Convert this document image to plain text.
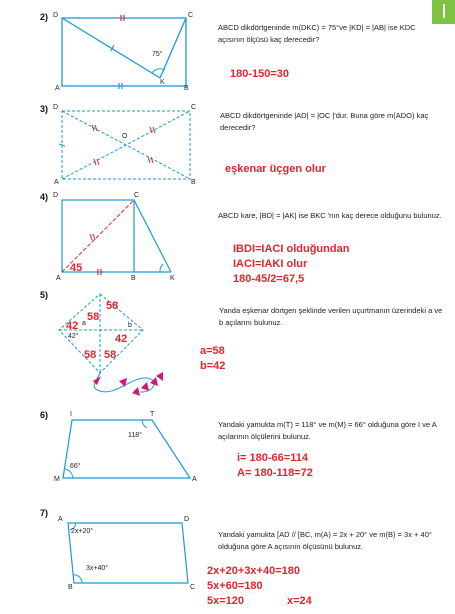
2) D	C
A	B
K
75°
ABCD dikdörtgeninde m(DKC) = 75°ve |KD| = |AB| ise KDC açısının ölçüsü kaç derecedir?
180-150=30
3) D	C
A	B
O
ABCD dikdörtgeninde |AD| = |OC |'dur. Buna göre m(ADO) kaç derecedir?
eşkenar üçgen olur
4) D	C
A	B	K
45
ABCD kare, |BD| = |AK| ise BKC 'nın kaç derece olduğunu bulunuz.
IBDI=IACI olduğundan
IACI=IAKI olur
180-45/2=67,5
5)
a	b
42°
58
58
42
42
58 58
Yanda eşkenar dörtgen şeklinde verilen uçurtmanın üzerindeki a ve b açılarını bulunuz.
a=58
b=42
6)	I	T
M	A
118°
66°
Yandaki yamukta m(T) = 118° ve m(M) = 66° olduğuna göre I ve A açılarının ölçülerini bulunuz.
i= 180-66=114
A= 180-118=72
7)
A	D
B	C
2x+20°
3x+40°
Yandaki yamukta [AD // [BC, m(A) = 2x + 20° ve m(B) = 3x + 40° olduğuna göre A açısının ölçüsünü bulunuz.
2x+20+3x+40=180
5x+60=180
5x=120	x=24
